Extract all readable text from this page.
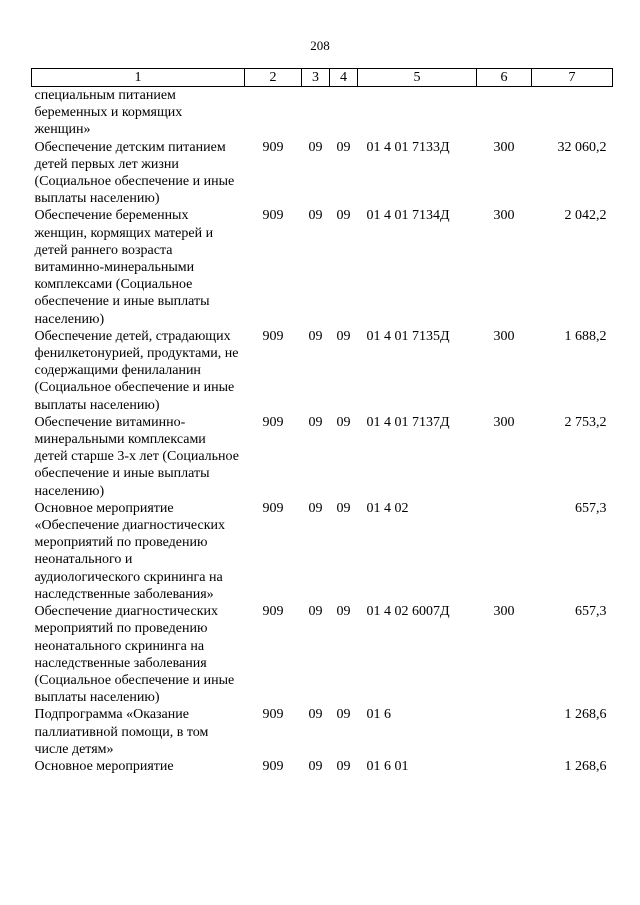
208
1	2	3	4	5	6	7
специальным питанием беременных и кормящих женщин»						
Обеспечение детским питанием детей первых лет жизни (Социальное обеспечение и иные выплаты населению)	909	09	09	01 4 01 7133Д	300	32 060,2
Обеспечение беременных женщин, кормящих матерей и детей раннего возраста витаминно-минеральными комплексами (Социальное обеспечение и иные выплаты населению)	909	09	09	01 4 01 7134Д	300	2 042,2
Обеспечение детей, страдающих фенилкетонурией, продуктами, не содержащими фенилаланин (Социальное обеспечение и иные выплаты населению)	909	09	09	01 4 01 7135Д	300	1 688,2
Обеспечение витаминно-минеральными комплексами детей старше 3-х лет (Социальное обеспечение и иные выплаты населению)	909	09	09	01 4 01 7137Д	300	2 753,2
Основное мероприятие «Обеспечение диагностических мероприятий по проведению неонатального и аудиологического скрининга на наследственные заболевания»	909	09	09	01 4 02		657,3
Обеспечение диагностических мероприятий по проведению неонатального скрининга на наследственные заболевания (Социальное обеспечение и иные выплаты населению)	909	09	09	01 4 02 6007Д	300	657,3
Подпрограмма «Оказание паллиативной помощи, в том числе детям»	909	09	09	01 6		1 268,6
Основное мероприятие	909	09	09	01 6 01		1 268,6
